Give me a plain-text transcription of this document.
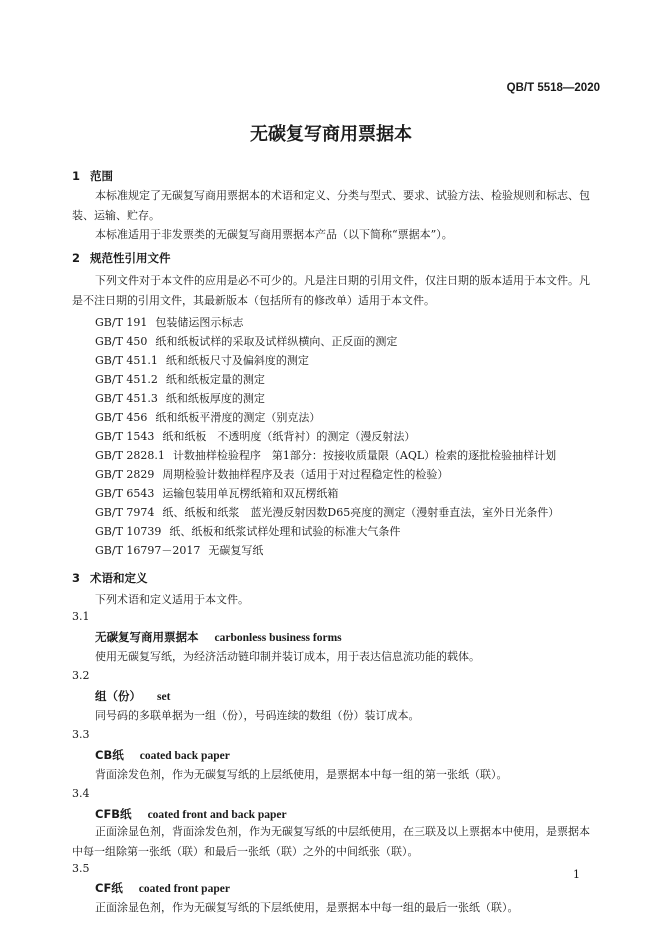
QB/T 5518—2020
无碳复写商用票据本
1 范围
本标准规定了无碳复写商用票据本的术语和定义、分类与型式、要求、试验方法、检验规则和标志、包装、运输、贮存。
本标准适用于非发票类的无碳复写商用票据本产品（以下简称“票据本”）。
2 规范性引用文件
下列文件对于本文件的应用是必不可少的。凡是注日期的引用文件，仅注日期的版本适用于本文件。凡是不注日期的引用文件，其最新版本（包括所有的修改单）适用于本文件。
GB/T 191 包装储运图示标志
GB/T 450 纸和纸板试样的采取及试样纵横向、正反面的测定
GB/T 451.1 纸和纸板尺寸及偏斜度的测定
GB/T 451.2 纸和纸板定量的测定
GB/T 451.3 纸和纸板厚度的测定
GB/T 456 纸和纸板平滑度的测定（别克法）
GB/T 1543 纸和纸板　不透明度（纸背衬）的测定（漫反射法）
GB/T 2828.1 计数抽样检验程序　第1部分：按接收质量限（AQL）检索的逐批检验抽样计划
GB/T 2829 周期检验计数抽样程序及表（适用于对过程稳定性的检验）
GB/T 6543 运输包装用单瓦楞纸箱和双瓦楞纸箱
GB/T 7974 纸、纸板和纸浆　蓝光漫反射因数D65亮度的测定（漫射垂直法，室外日光条件）
GB/T 10739 纸、纸板和纸浆试样处理和试验的标准大气条件
GB/T 16797－2017 无碳复写纸
3 术语和定义
下列术语和定义适用于本文件。
3.1
无碳复写商用票据本 carbonless business forms
使用无碳复写纸，为经济活动链印制并装订成本，用于表达信息流功能的载体。
3.2
组（份） set
同号码的多联单据为一组（份），号码连续的数组（份）装订成本。
3.3
CB纸 coated back paper
背面涂发色剂，作为无碳复写纸的上层纸使用，是票据本中每一组的第一张纸（联）。
3.4
CFB纸 coated front and back paper
正面涂显色剂，背面涂发色剂，作为无碳复写纸的中层纸使用，在三联及以上票据本中使用，是票据本中每一组除第一张纸（联）和最后一张纸（联）之外的中间纸张（联）。
3.5
CF纸 coated front paper
正面涂显色剂，作为无碳复写纸的下层纸使用，是票据本中每一组的最后一张纸（联）。
1
